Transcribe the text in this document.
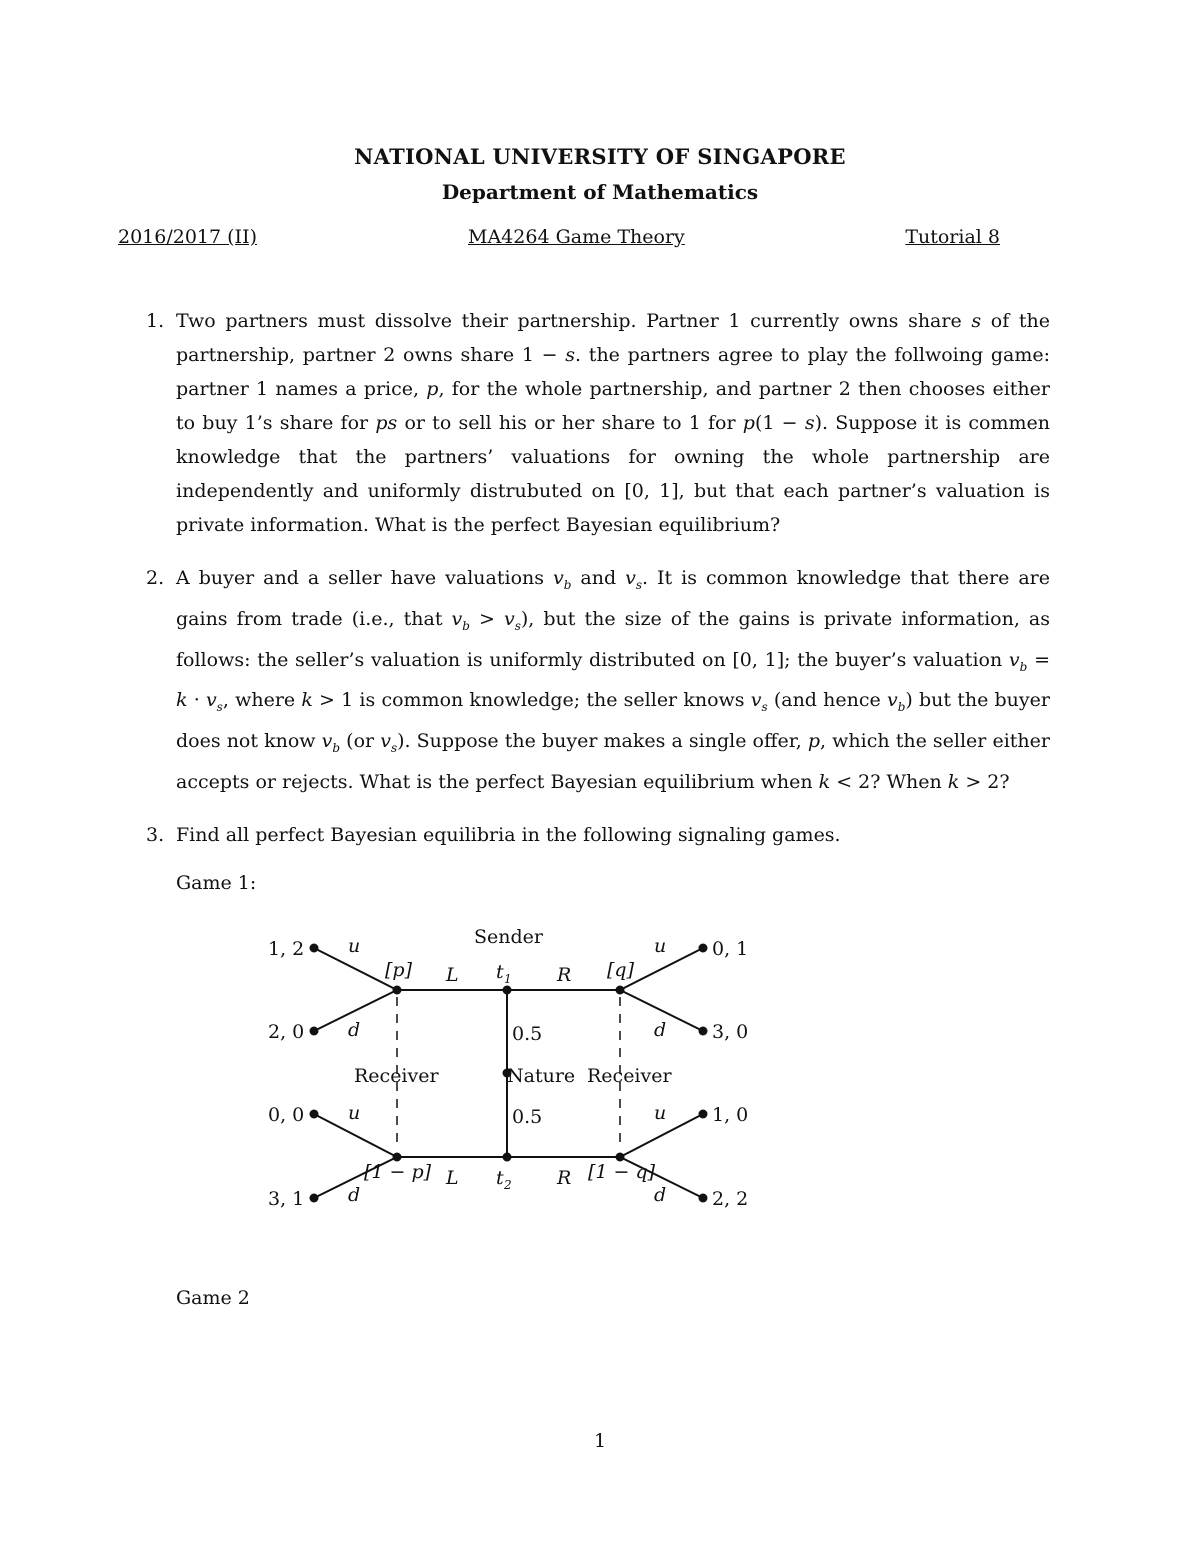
NATIONAL UNIVERSITY OF SINGAPORE
Department of Mathematics
2016/2017 (II)	MA4264 Game Theory	Tutorial 8
1. Two partners must dissolve their partnership. Partner 1 currently owns share s of the partnership, partner 2 owns share 1 − s. the partners agree to play the follwoing game: partner 1 names a price, p, for the whole partnership, and partner 2 then chooses either to buy 1’s share for ps or to sell his or her share to 1 for p(1 − s). Suppose it is commen knowledge that the partners’ valuations for owning the whole partnership are independently and uniformly distrubuted on [0, 1], but that each partner’s valuation is private information. What is the perfect Bayesian equilibrium?
2. A buyer and a seller have valuations $v_b$ and $v_s$. It is common knowledge that there are gains from trade (i.e., that $v_b > v_s$), but the size of the gains is private information, as follows: the seller’s valuation is uniformly distributed on [0, 1]; the buyer’s valuation $v_b = k \cdot v_s$, where k > 1 is common knowledge; the seller knows $v_s$ (and hence $v_b$) but the buyer does not know $v_b$ (or $v_s$). Suppose the buyer makes a single offer, p, which the seller either accepts or rejects. What is the perfect Bayesian equilibrium when k < 2? When k > 2?
3. Find all perfect Bayesian equilibria in the following signaling games.
Game 1:
Sender
t 1
t 2
L	R
L	R
[p]	[q]
[1 − p]	[1 − q]
0.5
0.5
Nature
Receiver	Receiver
u
d
u
d
u
d
u
d
1, 2
2, 0
0, 0
3, 1
0, 1
3, 0
1, 0
2, 2
Game 2
1
